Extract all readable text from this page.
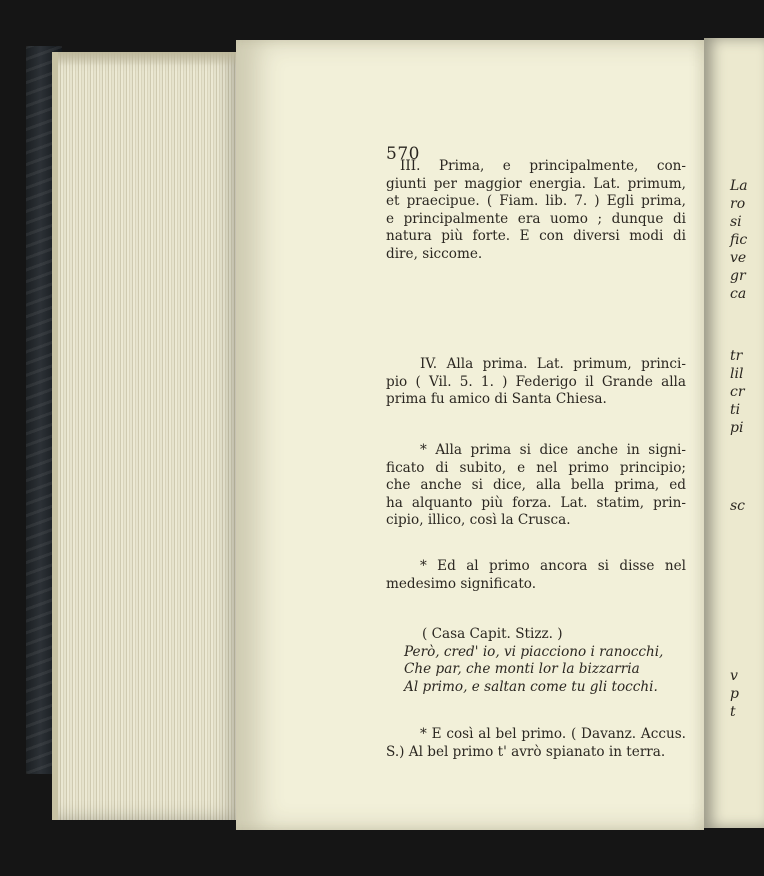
570
III. Prima, e principalmente, con-
giunti per maggior energia. Lat. primum,
et praecipue. ( Fiam. lib. 7. ) Egli prima,
e principalmente era uomo ; dunque di
natura più forte. E con diversi modi di
dire, siccome.
IV. Alla prima. Lat. primum, princi-
pio ( Vil. 5. 1. ) Federigo il Grande alla
prima fu amico di Santa Chiesa.
* Alla prima si dice anche in signi-
ficato di subito, e nel primo principio;
che anche si dice, alla bella prima, ed
ha alquanto più forza. Lat. statim, prin-
cipio, illico, così la Crusca.
* Ed al primo ancora si disse nel
medesimo significato.
( Casa Capit. Stizz. )
Però, cred' io, vi piacciono i ranocchi,
Che par, che monti lor la bizzarria
Al primo, e saltan come tu gli tocchi.
* E così al bel primo. ( Davanz. Accus.
S.) Al bel primo t' avrò spianato in terra.
La
ro
si
fic
ve
gr
ca
tr
lil
cr
ti
pi
sc
v
p
t
